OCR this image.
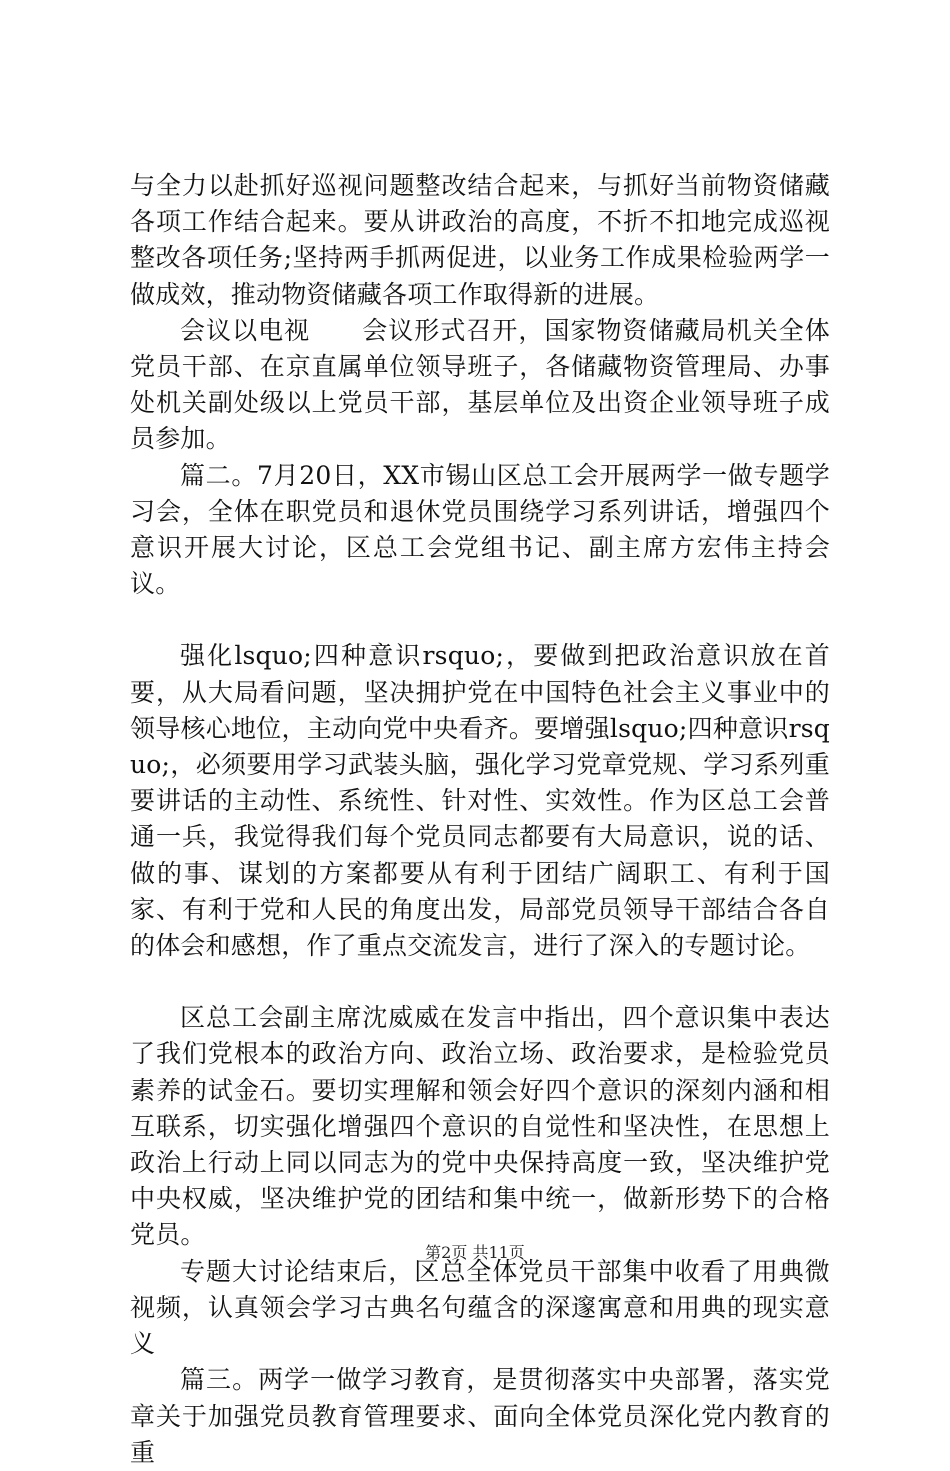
与全力以赴抓好巡视问题整改结合起来，与抓好当前物资储藏各项工作结合起来。要从讲政治的高度，不折不扣地完成巡视整改各项任务;坚持两手抓两促进，以业务工作成果检验两学一做成效，推动物资储藏各项工作取得新的进展。

会议以电视　　会议形式召开，国家物资储藏局机关全体党员干部、在京直属单位领导班子，各储藏物资管理局、办事处机关副处级以上党员干部，基层单位及出资企业领导班子成员参加。

篇二。7月20日，XX市锡山区总工会开展两学一做专题学习会，全体在职党员和退休党员围绕学习系列讲话，增强四个意识开展大讨论，区总工会党组书记、副主席方宏伟主持会议。

强化lsquo;四种意识rsquo;，要做到把政治意识放在首要，从大局看问题，坚决拥护党在中国特色社会主义事业中的领导核心地位，主动向党中央看齐。要增强lsquo;四种意识rsquo;，必须要用学习武装头脑，强化学习党章党规、学习系列重要讲话的主动性、系统性、针对性、实效性。作为区总工会普通一兵，我觉得我们每个党员同志都要有大局意识，说的话、做的事、谋划的方案都要从有利于团结广阔职工、有利于国家、有利于党和人民的角度出发，局部党员领导干部结合各自的体会和感想，作了重点交流发言，进行了深入的专题讨论。

区总工会副主席沈威威在发言中指出，四个意识集中表达了我们党根本的政治方向、政治立场、政治要求，是检验党员素养的试金石。要切实理解和领会好四个意识的深刻内涵和相互联系，切实强化增强四个意识的自觉性和坚决性，在思想上政治上行动上同以同志为的党中央保持高度一致，坚决维护党中央权威，坚决维护党的团结和集中统一，做新形势下的合格党员。

专题大讨论结束后，区总全体党员干部集中收看了用典微视频，认真领会学习古典名句蕴含的深邃寓意和用典的现实意义

篇三。两学一做学习教育，是贯彻落实中央部署，落实党章关于加强党员教育管理要求、面向全体党员深化党内教育的重

第2页 共11页
